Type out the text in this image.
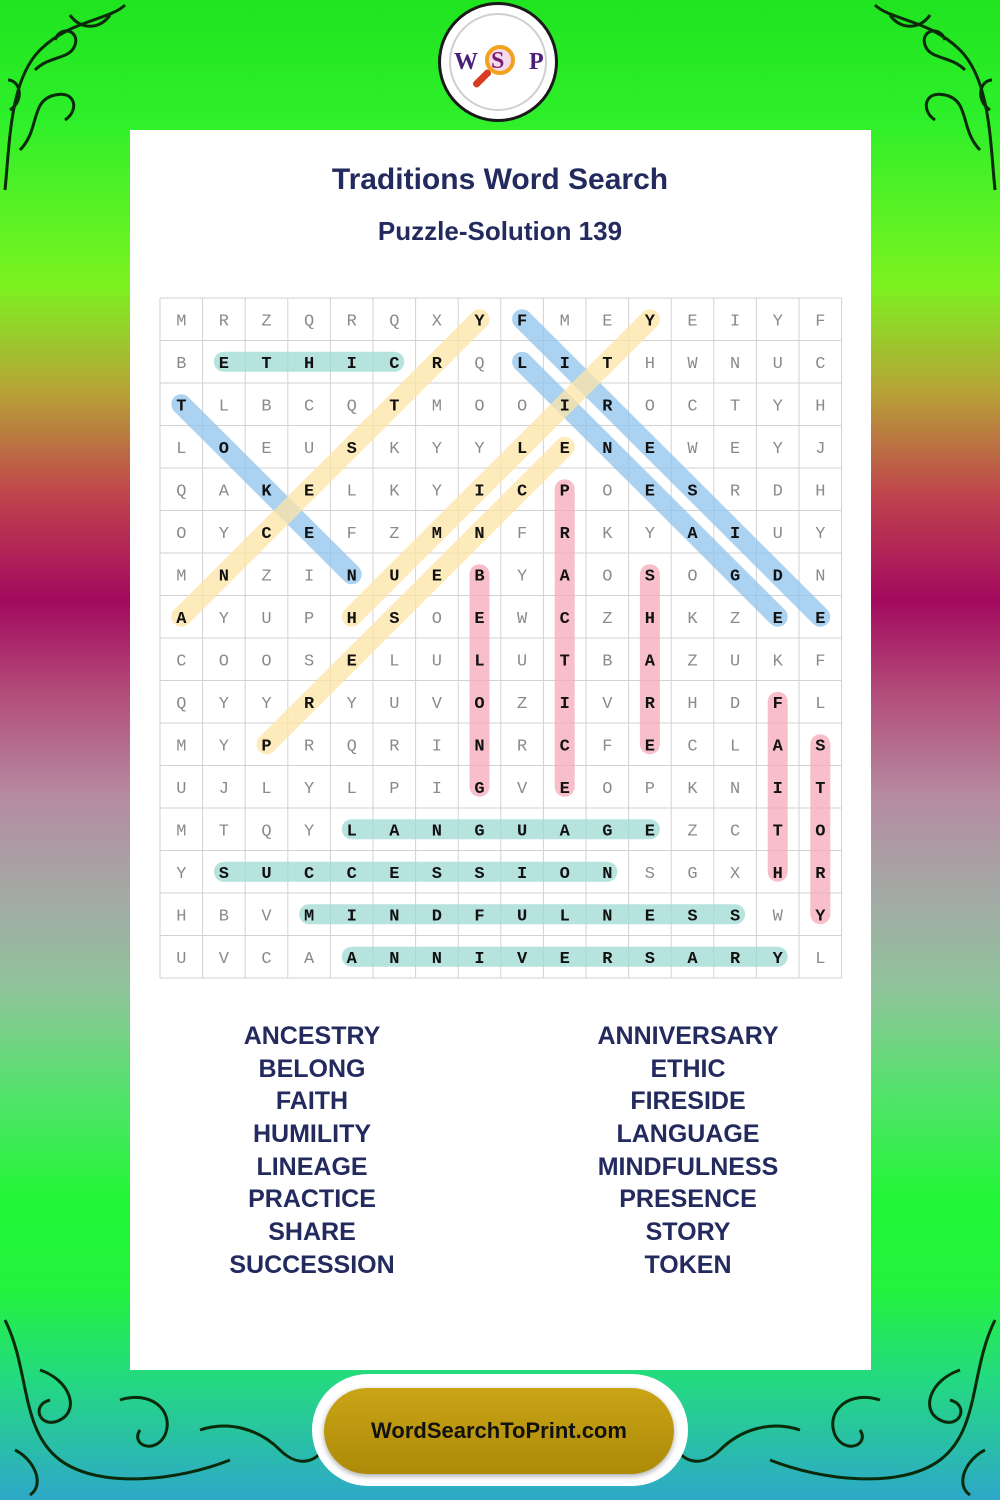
W S P
Traditions Word Search
Puzzle-Solution 139
M R Z Q R Q X Y F M E Y E I Y F
B E T H I C R Q L I T H W N U C
T L B C Q T M O O I R O C T Y H
L O E U S K Y Y L E N E W E Y J
Q A K E L K Y I C P O E S R D H
O Y C E F Z M N F R K Y A I U Y
M N Z I N U E B Y A O S O G D N
A Y U P H S O E W C Z H K Z E E
C O O S E L U L U T B A Z U K F
Q Y Y R Y U V O Z I V R H D F L
M Y P R Q R I N R C F E C L A S
U J L Y L P I G V E O P K N I T
M T Q Y L A N G U A G E Z C T O
Y S U C C E S S I O N S G X H R
H B V M I N D F U L N E S S W Y
U V C A A N N I V E R S A R Y L
ANCESTRY
BELONG
FAITH
HUMILITY
LINEAGE
PRACTICE
SHARE
SUCCESSION
ANNIVERSARY
ETHIC
FIRESIDE
LANGUAGE
MINDFULNESS
PRESENCE
STORY
TOKEN
WordSearchToPrint.com
